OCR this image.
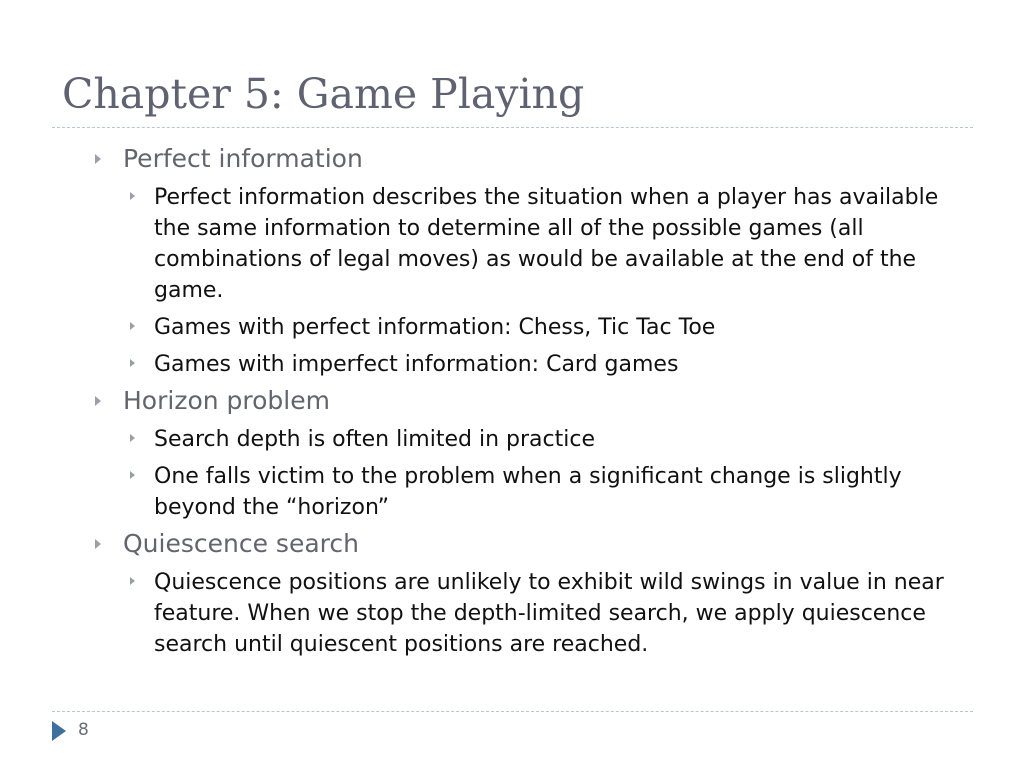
Chapter 5: Game Playing
Perfect information
Perfect information describes the situation when a player has available the same information to determine all of the possible games (all combinations of legal moves) as would be available at the end of the game.
Games with perfect information: Chess, Tic Tac Toe
Games with imperfect information: Card games
Horizon problem
Search depth is often limited in practice
One falls victim to the problem when a significant change is slightly beyond the “horizon”
Quiescence search
Quiescence positions are unlikely to exhibit wild swings in value in near feature. When we stop the depth-limited search, we apply quiescence search until quiescent positions are reached.
8
